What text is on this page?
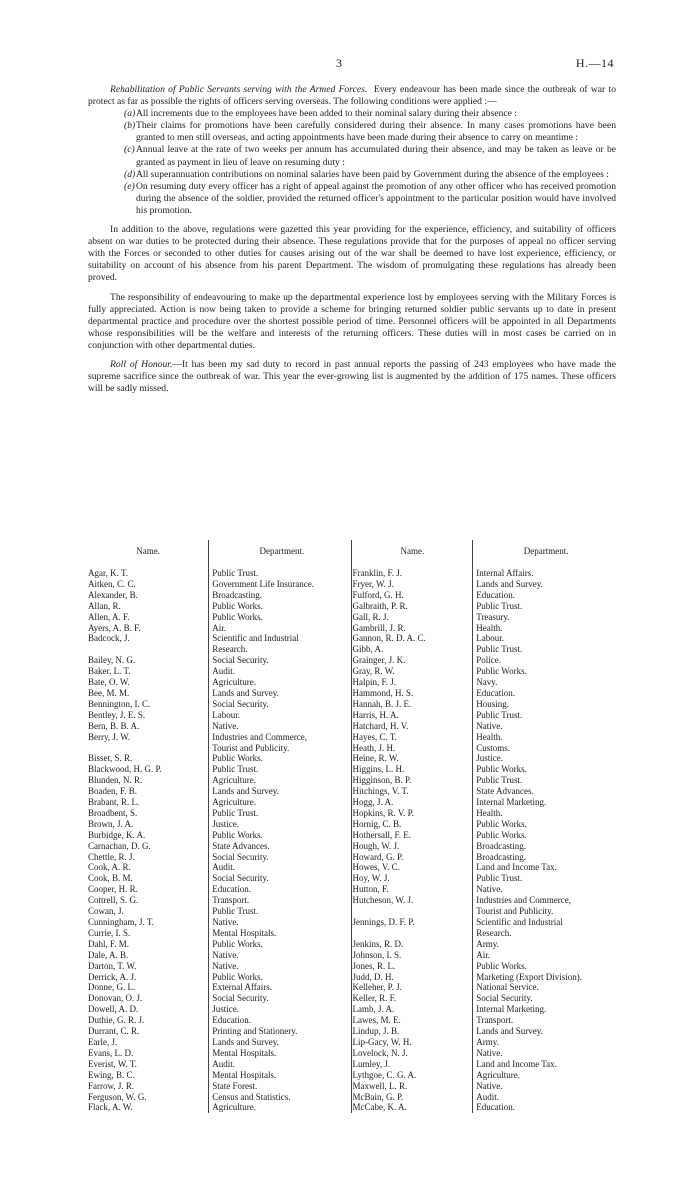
3	H.—14

Rehabilitation of Public Servants serving with the Armed Forces. Every endeavour has been made since the outbreak of war to protect as far as possible the rights of officers serving overseas. The following conditions were applied :—

(a) All increments due to the employees have been added to their nominal salary during their absence :
(b) Their claims for promotions have been carefully considered during their absence. In many cases promotions have been granted to men still overseas, and acting appointments have been made during their absence to carry on meantime :
(c) Annual leave at the rate of two weeks per annum has accumulated during their absence, and may be taken as leave or be granted as payment in lieu of leave on resuming duty :
(d) All superannuation contributions on nominal salaries have been paid by Government during the absence of the employees :
(e) On resuming duty every officer has a right of appeal against the promotion of any other officer who has received promotion during the absence of the soldier, provided the returned officer's appointment to the particular position would have involved his promotion.

In addition to the above, regulations were gazetted this year providing for the experience, efficiency, and suitability of officers absent on war duties to be protected during their absence. These regulations provide that for the purposes of appeal no officer serving with the Forces or seconded to other duties for causes arising out of the war shall be deemed to have lost experience, efficiency, or suitability on account of his absence from his parent Department. The wisdom of promulgating these regulations has already been proved.

The responsibility of endeavouring to make up the departmental experience lost by employees serving with the Military Forces is fully appreciated. Action is now being taken to provide a scheme for bringing returned soldier public servants up to date in present departmental practice and procedure over the shortest possible period of time. Personnel officers will be appointed in all Departments whose responsibilities will be the welfare and interests of the returning officers. These duties will in most cases be carried on in conjunction with other departmental duties.

Roll of Honour.—It has been my sad duty to record in past annual reports the passing of 243 employees who have made the supreme sacrifice since the outbreak of war. This year the ever-growing list is augmented by the addition of 175 names. These officers will be sadly missed.

Name.	Department.	Name.	Department.
Agar, K. T.	Public Trust.	Franklin, F. J.	Internal Affairs.
Aitken, C. C.	Government Life Insurance.	Fryer, W. J.	Lands and Survey.
Alexander, B.	Broadcasting.	Fulford, G. H.	Education.
Allan, R.	Public Works.	Galbraith, P. R.	Public Trust.
Allen, A. F.	Public Works.	Gall, R. J.	Treasury.
Ayers, A. B. F.	Air.	Gambrill, J. R.	Health.
Badcock, J.	Scientific and Industrial	Gannon, R. D. A. C.	Labour.
	Research.	Gibb, A.	Public Trust.
Bailey, N. G.	Social Security.	Grainger, J. K.	Police.
Baker, L. T.	Audit.	Gray, R. W.	Public Works.
Bate, O. W.	Agriculture.	Halpin, F. J.	Navy.
Bee, M. M.	Lands and Survey.	Hammond, H. S.	Education.
Bennington, I. C.	Social Security.	Hannah, B. J. E.	Housing.
Bentley, J. E. S.	Labour.	Harris, H. A.	Public Trust.
Bern, B. B. A.	Native.	Hatchard, H. V.	Native.
Berry, J. W.	Industries and Commerce,	Hayes, C. T.	Health.
	Tourist and Publicity.	Heath, J. H.	Customs.
Bisset, S. R.	Public Works.	Heine, R. W.	Justice.
Blackwood, H. G. P.	Public Trust.	Higgins, L. H.	Public Works.
Blunden, N. R.	Agriculture.	Higginson, B. P.	Public Trust.
Boaden, F. B.	Lands and Survey.	Hitchings, V. T.	State Advances.
Brabant, R. L.	Agriculture.	Hogg, J. A.	Internal Marketing.
Broadbent, S.	Public Trust.	Hopkins, R. V. P.	Health.
Brown, J. A.	Justice.	Hornig, C. B.	Public Works.
Burbidge, K. A.	Public Works.	Hothersall, F. E.	Public Works.
Carnachan, D. G.	State Advances.	Hough, W. J.	Broadcasting.
Chettle, R. J.	Social Security.	Howard, G. P.	Broadcasting.
Cook, A. R.	Audit.	Howes, V. C.	Land and Income Tax.
Cook, B. M.	Social Security.	Hoy, W. J.	Public Trust.
Cooper, H. R.	Education.	Hutton, F.	Native.
Cottrell, S. G.	Transport.	Hutcheson, W. J.	Industries and Commerce,
Cowan, J.	Public Trust.		Tourist and Publicity.
Cunningham, J. T.	Native.	Jennings, D. F. P.	Scientific and Industrial
Currie, I. S.	Mental Hospitals.		Research.
Dahl, F. M.	Public Works.	Jenkins, R. D.	Army.
Dale, A. B.	Native.	Johnson, I. S.	Air.
Darton, T. W.	Native.	Jones, R. L.	Public Works.
Derrick, A. J.	Public Works.	Judd, D. H.	Marketing (Export Division).
Donne, G. L.	External Affairs.	Kelleher, P. J.	National Service.
Donovan, O. J.	Social Security.	Keller, R. F.	Social Security.
Dowell, A. D.	Justice.	Lamb, J. A.	Internal Marketing.
Duthie, G. R. J.	Education.	Lawes, M. E.	Transport.
Durrant, C. R.	Printing and Stationery.	Lindup, J. B.	Lands and Survey.
Earle, J.	Lands and Survey.	Lip-Gacy, W. H.	Army.
Evans, L. D.	Mental Hospitals.	Lovelock, N. J.	Native.
Everist, W. T.	Audit.	Lumley, J.	Land and Income Tax.
Ewing, B. C.	Mental Hospitals.	Lythgoe, C. G. A.	Agriculture.
Farrow, J. R.	State Forest.	Maxwell, L. R.	Native.
Ferguson, W. G.	Census and Statistics.	McBain, G. P.	Audit.
Flack, A. W.	Agriculture.	McCabe, K. A.	Education.
